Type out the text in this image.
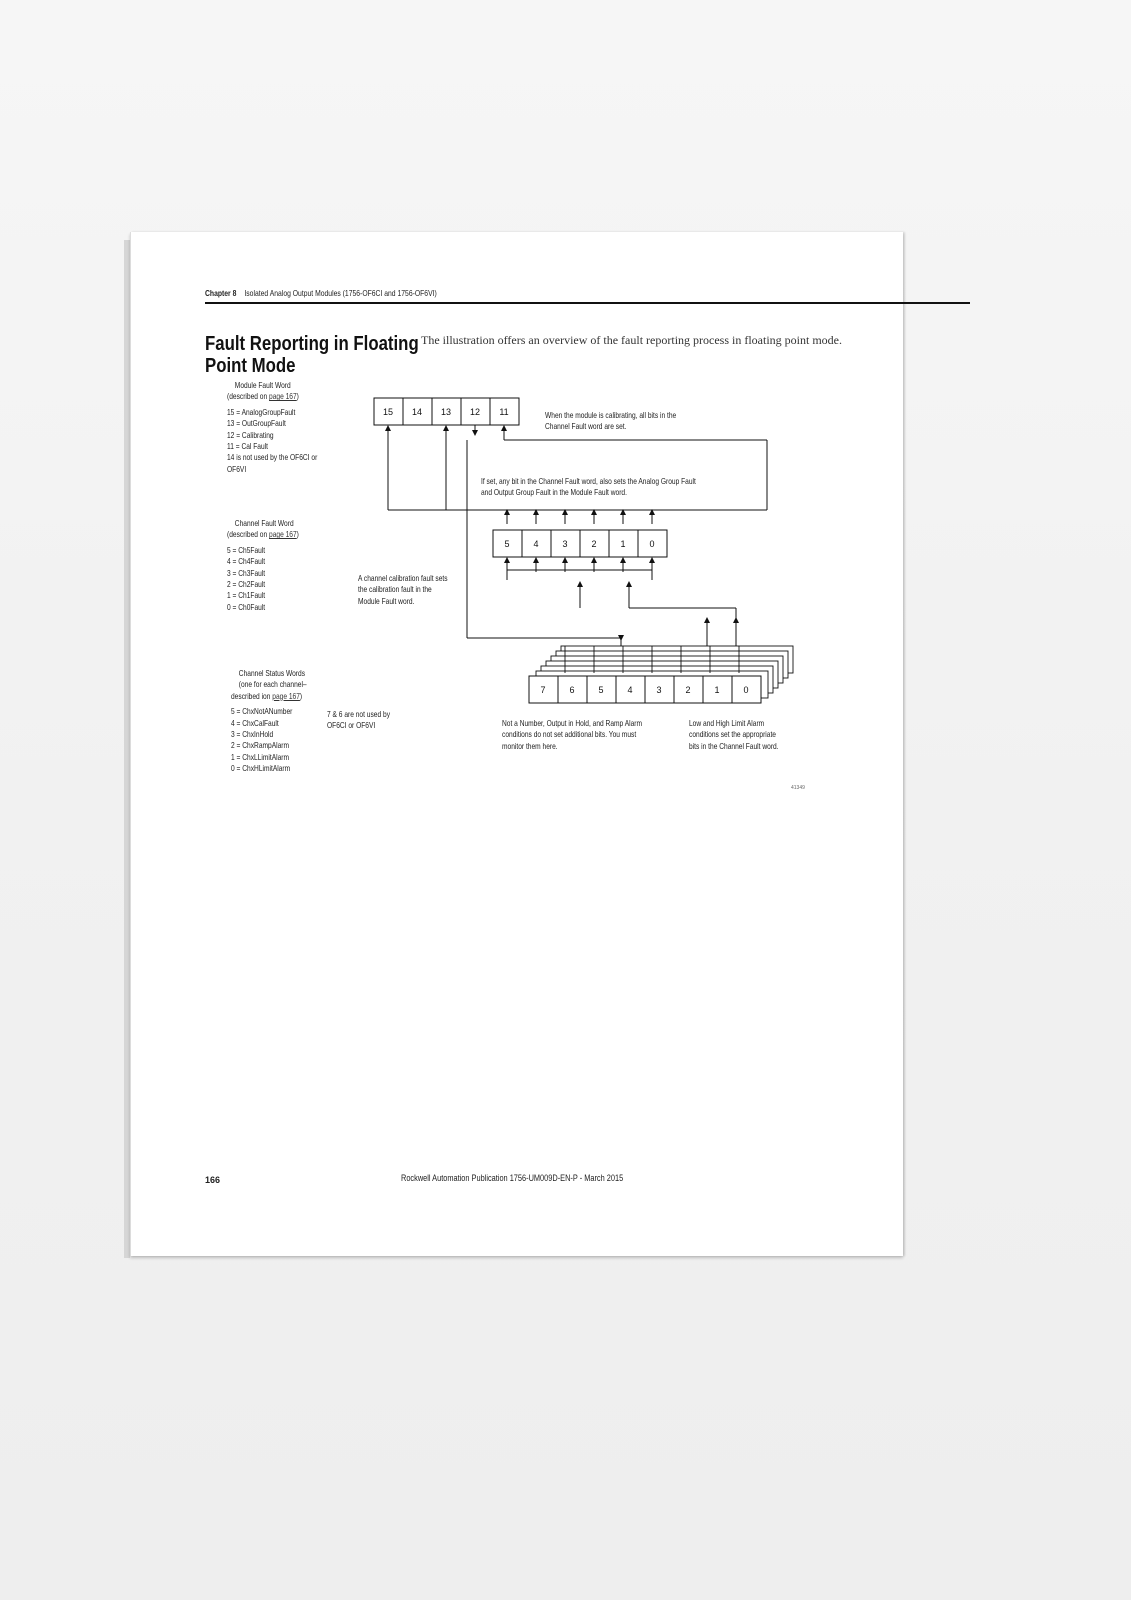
Chapter 8 Isolated Analog Output Modules (1756-OF6CI and 1756-OF6VI)
Fault Reporting in Floating Point Mode
The illustration offers an overview of the fault reporting process in floating point mode.
Module Fault Word
(described on page 167)
15 = AnalogGroupFault
13 = OutGroupFault
12 = Calibrating
11 = Cal Fault
14 is not used by the OF6CI or
OF6VI
Channel Fault Word
(described on page 167)
5 = Ch5Fault
4 = Ch4Fault
3 = Ch3Fault
2 = Ch2Fault
1 = Ch1Fault
0 = Ch0Fault
Channel Status Words
(one for each channel–
described ion page 167)
5 = ChxNotANumber
4 = ChxCalFault
3 = ChxInHold
2 = ChxRampAlarm
1 = ChxLLimitAlarm
0 = ChxHLimitAlarm
7 & 6 are not used by
OF6CI or OF6VI
15 14 13 12 11
5	4	3	2	1	0
7	6	5	4	3	2	1	0
When the module is calibrating, all bits in the
Channel Fault word are set.
If set, any bit in the Channel Fault word, also sets the Analog Group Fault
and Output Group Fault in the Module Fault word.
A channel calibration fault sets
the calibration fault in the
Module Fault word.
Not a Number, Output in Hold, and Ramp Alarm
conditions do not set additional bits. You must
monitor them here.
Low and High Limit Alarm
conditions set the appropriate
bits in the Channel Fault word.
41349
166	Rockwell Automation Publication 1756-UM009D-EN-P - March 2015
